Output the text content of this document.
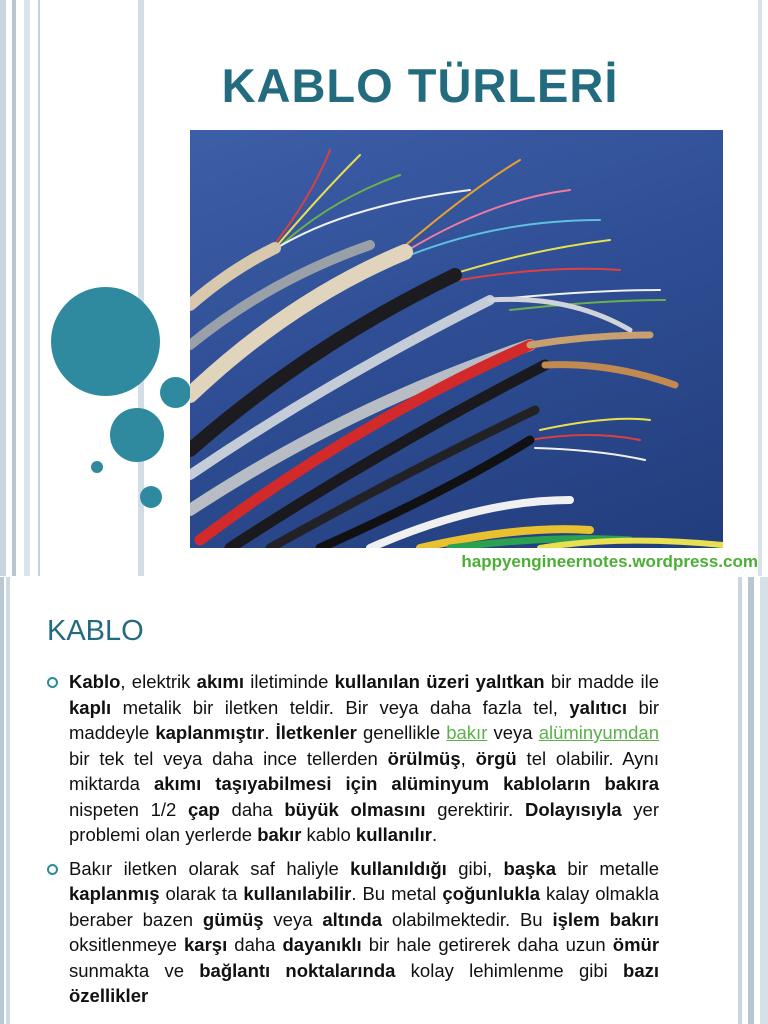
KABLO TÜRLERİ
happyengineernotes.wordpress.com
KABLO

Kablo, elektrik akımı iletiminde kullanılan üzeri yalıtkan bir madde ile kaplı metalik bir iletken teldir. Bir veya daha fazla tel, yalıtıcı bir maddeyle kaplanmıştır. İletkenler genellikle bakır veya alüminyumdan bir tek tel veya daha ince tellerden örülmüş, örgü tel olabilir. Aynı miktarda akımı taşıyabilmesi için alüminyum kabloların bakıra nispeten 1/2 çap daha büyük olmasını gerektirir. Dolayısıyla yer problemi olan yerlerde bakır kablo kullanılır.

Bakır iletken olarak saf haliyle kullanıldığı gibi, başka bir metalle kaplanmış olarak ta kullanılabilir. Bu metal çoğunlukla kalay olmakla beraber bazen gümüş veya altında olabilmektedir. Bu işlem bakırı oksitlenmeye karşı daha dayanıklı bir hale getirerek daha uzun ömür sunmakta ve bağlantı noktalarında kolay lehimlenme gibi bazı özellikler
